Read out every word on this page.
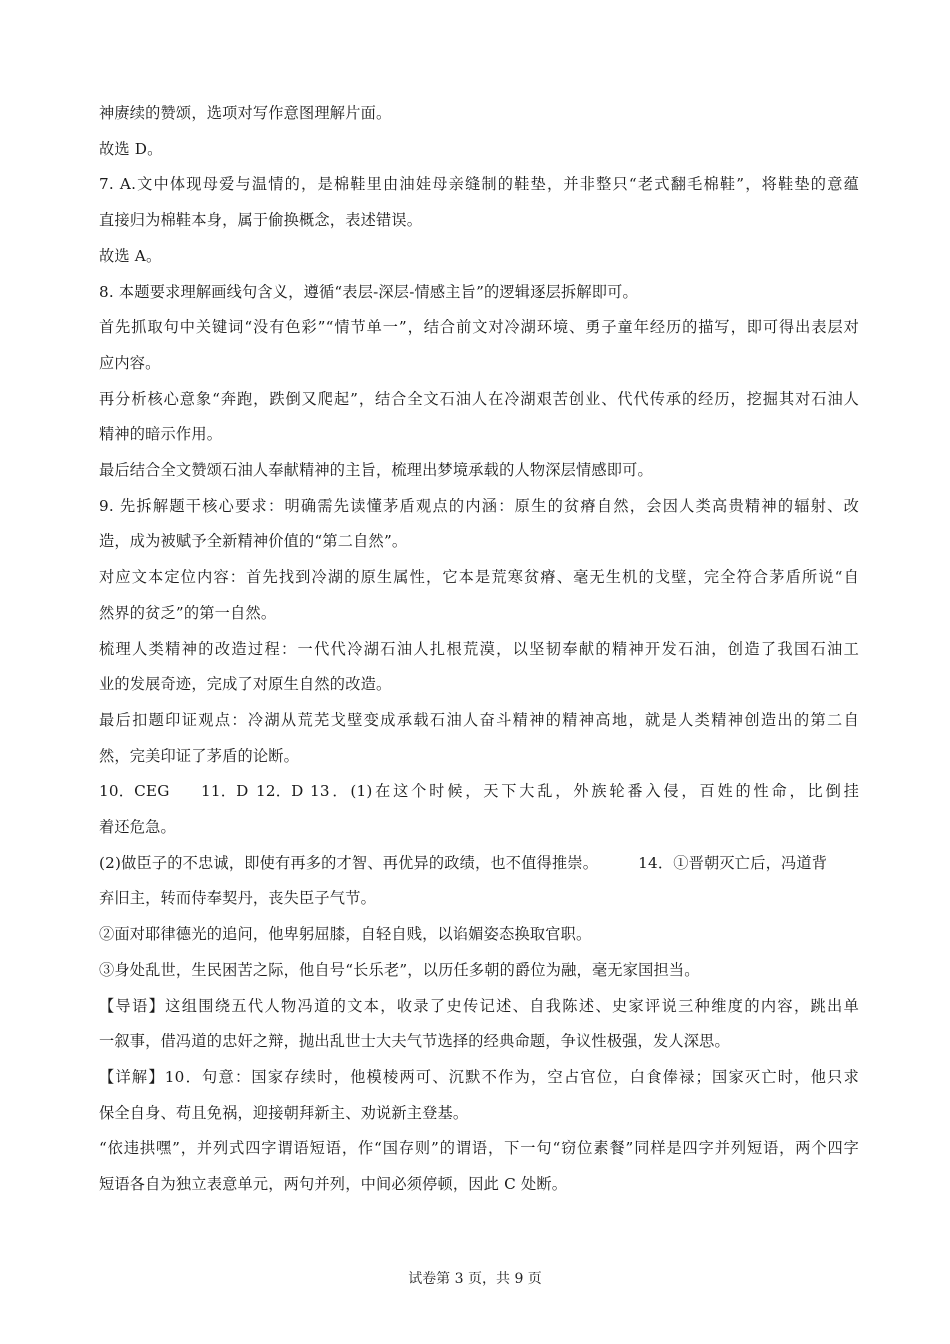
神赓续的赞颂，选项对写作意图理解片面。
故选 D。
7. A.文中体现母爱与温情的，是棉鞋里由油娃母亲缝制的鞋垫，并非整只“老式翻毛棉鞋”，将鞋垫的意蕴
直接归为棉鞋本身，属于偷换概念，表述错误。
故选 A。
8. 本题要求理解画线句含义，遵循“表层-深层-情感主旨”的逻辑逐层拆解即可。
首先抓取句中关键词“没有色彩”“情节单一”，结合前文对冷湖环境、勇子童年经历的描写，即可得出表层对
应内容。
再分析核心意象“奔跑，跌倒又爬起”，结合全文石油人在冷湖艰苦创业、代代传承的经历，挖掘其对石油人
精神的暗示作用。
最后结合全文赞颂石油人奉献精神的主旨，梳理出梦境承载的人物深层情感即可。
9. 先拆解题干核心要求：明确需先读懂茅盾观点的内涵：原生的贫瘠自然，会因人类高贵精神的辐射、改
造，成为被赋予全新精神价值的“第二自然”。
对应文本定位内容：首先找到冷湖的原生属性，它本是荒寒贫瘠、毫无生机的戈壁，完全符合茅盾所说“自
然界的贫乏”的第一自然。
梳理人类精神的改造过程：一代代冷湖石油人扎根荒漠，以坚韧奉献的精神开发石油，创造了我国石油工
业的发展奇迹，完成了对原生自然的改造。
最后扣题印证观点：冷湖从荒芜戈壁变成承载石油人奋斗精神的精神高地，就是人类精神创造出的第二自
然，完美印证了茅盾的论断。
10．CEG	11．D 12．D 13．(1)在这个时候，天下大乱，外族轮番入侵，百姓的性命，比倒挂
着还危急。
(2)做臣子的不忠诚，即使有再多的才智、再优异的政绩，也不值得推崇。	14．①晋朝灭亡后，冯道背
弃旧主，转而侍奉契丹，丧失臣子气节。
②面对耶律德光的追问，他卑躬屈膝，自轻自贱，以谄媚姿态换取官职。
③身处乱世，生民困苦之际，他自号“长乐老”，以历任多朝的爵位为融，毫无家国担当。
【导语】这组围绕五代人物冯道的文本，收录了史传记述、自我陈述、史家评说三种维度的内容，跳出单
一叙事，借冯道的忠奸之辩，抛出乱世士大夫气节选择的经典命题，争议性极强，发人深思。
【详解】10．句意：国家存续时，他模棱两可、沉默不作为，空占官位，白食俸禄；国家灭亡时，他只求
保全自身、苟且免祸，迎接朝拜新主、劝说新主登基。
“依违拱嘿”，并列式四字谓语短语，作“国存则”的谓语，下一句“窃位素餐”同样是四字并列短语，两个四字
短语各自为独立表意单元，两句并列，中间必须停顿，因此 C 处断。
试卷第 3 页，共 9 页
